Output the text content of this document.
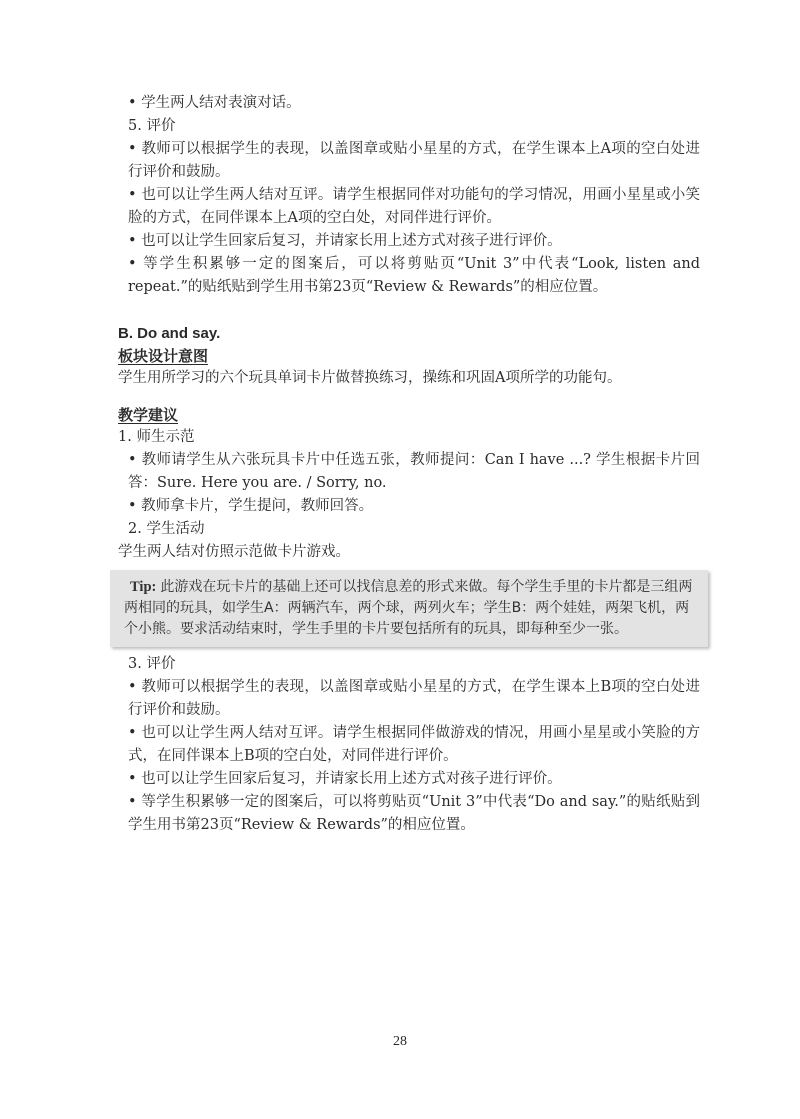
• 学生两人结对表演对话。

5. 评价

• 教师可以根据学生的表现，以盖图章或贴小星星的方式，在学生课本上A项的空白处进行评价和鼓励。

• 也可以让学生两人结对互评。请学生根据同伴对功能句的学习情况，用画小星星或小笑脸的方式，在同伴课本上A项的空白处，对同伴进行评价。

• 也可以让学生回家后复习，并请家长用上述方式对孩子进行评价。

• 等学生积累够一定的图案后，可以将剪贴页“Unit 3”中代表“Look, listen and repeat.”的贴纸贴到学生用书第23页“Review & Rewards”的相应位置。

B. Do and say.
板块设计意图

学生用所学习的六个玩具单词卡片做替换练习，操练和巩固A项所学的功能句。

教学建议

1. 师生示范

• 教师请学生从六张玩具卡片中任选五张，教师提问：Can I have ...? 学生根据卡片回答：Sure. Here you are. / Sorry, no.

• 教师拿卡片，学生提问，教师回答。

2. 学生活动

学生两人结对仿照示范做卡片游戏。

Tip: 此游戏在玩卡片的基础上还可以找信息差的形式来做。每个学生手里的卡片都是三组两两相同的玩具，如学生A：两辆汽车，两个球，两列火车；学生B：两个娃娃，两架飞机，两个小熊。要求活动结束时，学生手里的卡片要包括所有的玩具，即每种至少一张。

3. 评价

• 教师可以根据学生的表现，以盖图章或贴小星星的方式，在学生课本上B项的空白处进行评价和鼓励。

• 也可以让学生两人结对互评。请学生根据同伴做游戏的情况，用画小星星或小笑脸的方式，在同伴课本上B项的空白处，对同伴进行评价。

• 也可以让学生回家后复习，并请家长用上述方式对孩子进行评价。

• 等学生积累够一定的图案后，可以将剪贴页“Unit 3”中代表“Do and say.”的贴纸贴到学生用书第23页“Review & Rewards”的相应位置。

28
